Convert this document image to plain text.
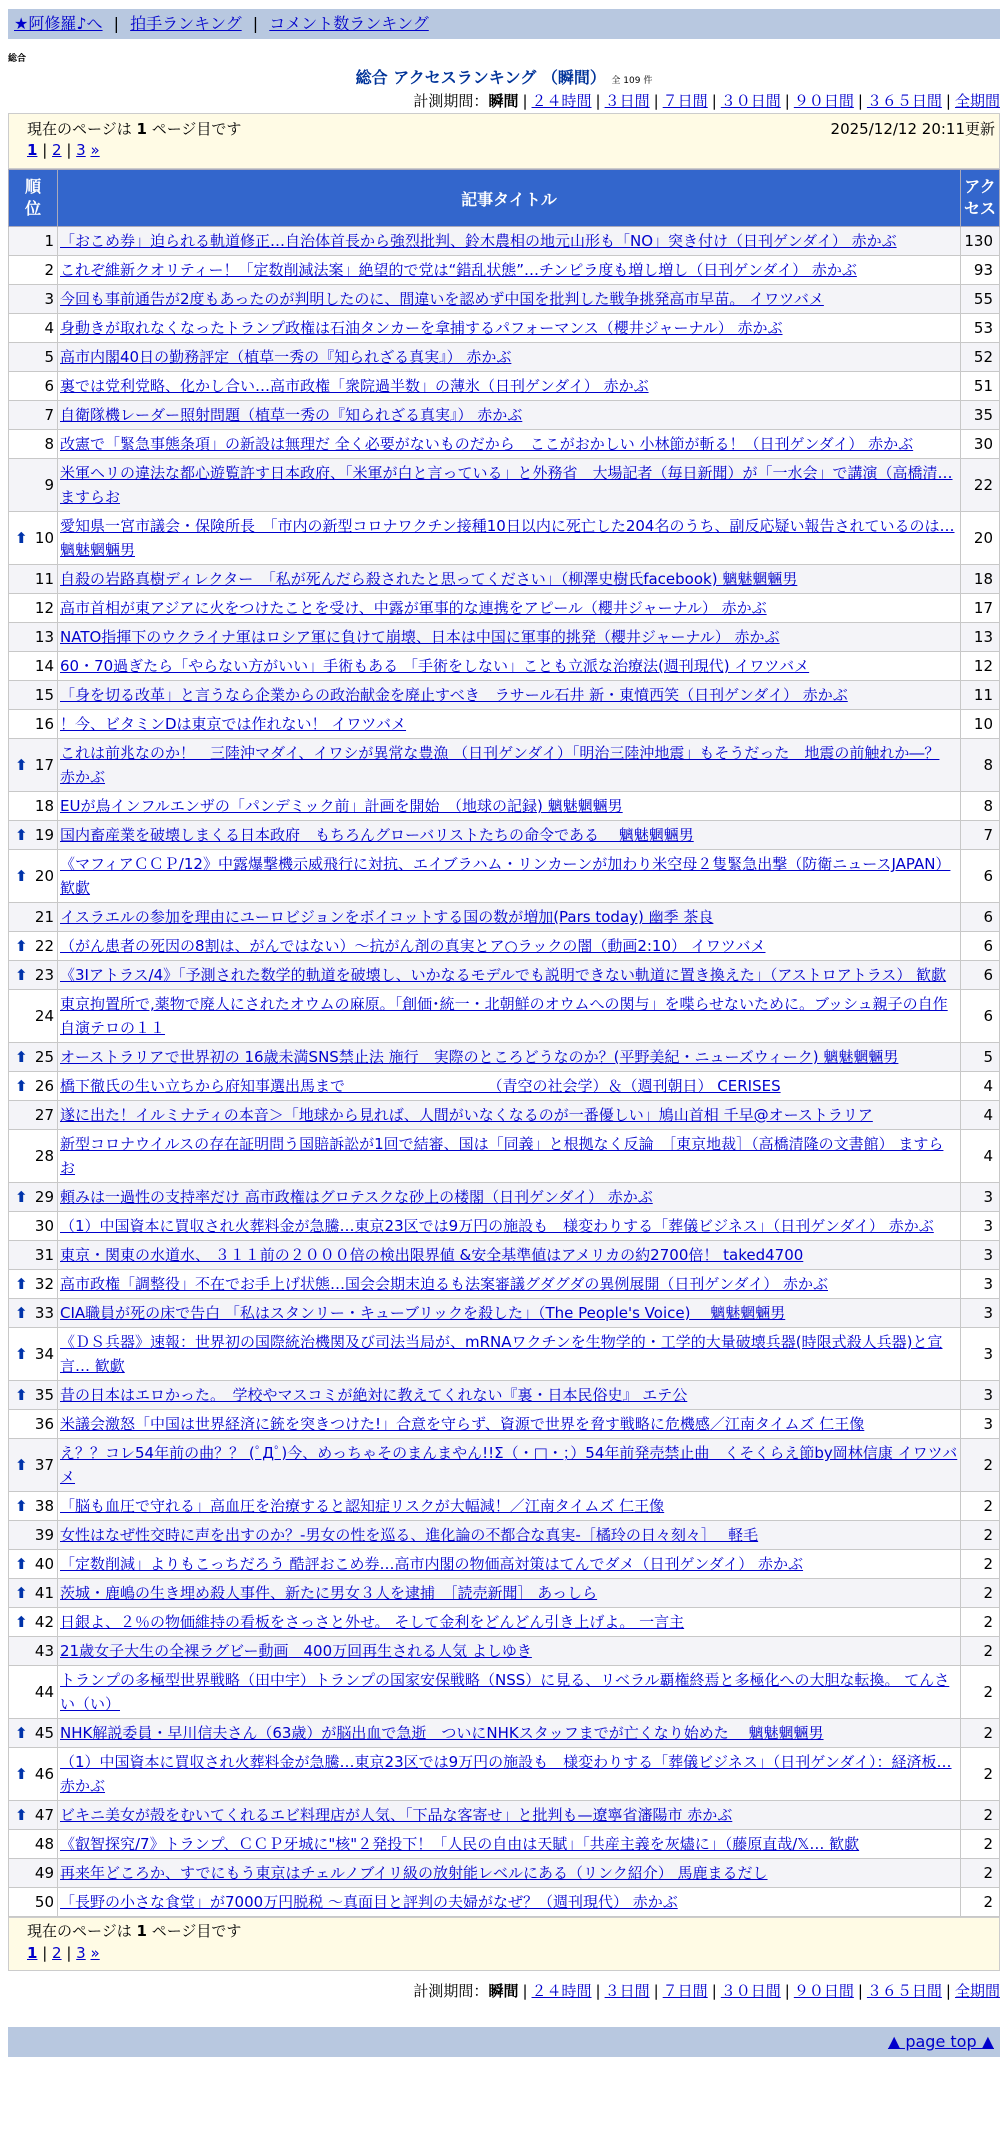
★阿修羅♪へ | 拍手ランキング | コメント数ランキング
総合
総合 アクセスランキング （瞬間） 全 109 件
計測期間：瞬間 | ２４時間 | ３日間 | ７日間 | ３０日間 | ９０日間 | ３６５日間 | 全期間
現在のページは 1 ページ目です	2025/12/12 20:11更新
1 | 2 | 3 »
順
位	記事タイトル	アク
セス
1	「おこめ券」迫られる軌道修正…自治体首長から強烈批判、鈴木農相の地元山形も「NO」突き付け（日刊ゲンダイ） 赤かぶ	130
2	これぞ維新クオリティー！「定数削減法案」絶望的で党は“錯乱状態”…チンピラ度も増し増し（日刊ゲンダイ） 赤かぶ	93
3	今回も事前通告が2度もあったのが判明したのに、間違いを認めず中国を批判した戦争挑発高市早苗。 イワツバメ	55
4	身動きが取れなくなったトランプ政権は石油タンカーを拿捕するパフォーマンス（櫻井ジャーナル） 赤かぶ	53
5	高市内閣40日の勤務評定（植草一秀の『知られざる真実』） 赤かぶ	52
6	裏では党利党略、化かし合い…高市政権「衆院過半数」の薄氷（日刊ゲンダイ） 赤かぶ	51
7	自衛隊機レーダー照射問題（植草一秀の『知られざる真実』） 赤かぶ	35
8	改憲で「緊急事態条項」の新設は無理だ 全く必要がないものだから　ここがおかしい 小林節が斬る！（日刊ゲンダイ） 赤かぶ	30
9	米軍ヘリの違法な都心遊覧許す日本政府、「米軍が白と言っている」と外務省　大場記者（毎日新聞）が「一水会」で講演（高橋清… ますらお	22

⬆ 10	愛知県一宮市議会・保険所長　「市内の新型コロナワクチン接種10日以内に死亡した204名のうち、副反応疑い報告されているのは… 魑魅魍魎男	20
11	自殺の岩路真樹ディレクター　「私が死んだら殺されたと思ってください」（柳澤史樹氏facebook) 魑魅魍魎男	18
12	高市首相が東アジアに火をつけたことを受け、中露が軍事的な連携をアピール（櫻井ジャーナル） 赤かぶ	17
13	NATO指揮下のウクライナ軍はロシア軍に負けて崩壊、日本は中国に軍事的挑発（櫻井ジャーナル） 赤かぶ	13
14	60・70過ぎたら「やらない方がいい」手術もある 「手術をしない」ことも立派な治療法(週刊現代) イワツバメ	12
15	「身を切る改革」と言うなら企業からの政治献金を廃止すべき　ラサール石井 新・東憤西笑（日刊ゲンダイ） 赤かぶ	11
16	！今、ビタミンDは東京では作れない！ イワツバメ	10

⬆ 17	これは前兆なのか！　三陸沖マダイ、イワシが異常な豊漁 （日刊ゲンダイ）「明治三陸沖地震」もそうだった　地震の前触れか―？ 赤かぶ	8
18	EUが鳥インフルエンザの「パンデミック前」計画を開始　（地球の記録) 魑魅魍魎男	8

⬆ 19	国内畜産業を破壊しまくる日本政府　もちろんグローバリストたちの命令である　 魑魅魍魎男	7

⬆ 20	《マフィアＣＣＰ/12》中露爆撃機示威飛行に対抗、エイブラハム・リンカーンが加わり米空母２隻緊急出撃（防衛ニュースJAPAN） 歓歔	6
21	イスラエルの参加を理由にユーロビジョンをボイコットする国の数が増加(Pars today) 幽季 茶良	6

⬆ 22	（がん患者の死因の8割は、がんではない）～抗がん剤の真実とア○ラックの闇（動画2:10） イワツバメ	6

⬆ 23	《3Iアトラス/4》「予測された数学的軌道を破壊し、いかなるモデルでも説明できない軌道に置き換えた」（アストロアトラス） 歓歔	6
24	東京拘置所で,薬物で廃人にされたオウムの麻原。「創価･統一・北朝鮮のオウムへの関与」を喋らせないために。ブッシュ親子の自作自演テロの１１	6

⬆ 25	オーストラリアで世界初の 16歳未満SNS禁止法 施行　実際のところどうなのか？(平野美紀・ニューズウィーク) 魑魅魍魎男	5

⬆ 26	橋下徹氏の生い立ちから府知事選出馬まで　　　　　　　　　　（青空の社会学）＆（週刊朝日） CERISES	4
27	遂に出た！イルミナティの本音＞「地球から見れば、人間がいなくなるのが一番優しい」鳩山首相 千早@オーストラリア	4
28	新型コロナウイルスの存在証明問う国賠訴訟が1回で結審、国は「同義」と根拠なく反論　［東京地裁］（高橋清隆の文書館） ますらお	4

⬆ 29	頼みは一過性の支持率だけ 高市政権はグロテスクな砂上の楼閣（日刊ゲンダイ） 赤かぶ	3
30	（1）中国資本に買収され火葬料金が急騰…東京23区では9万円の施設も　様変わりする「葬儀ビジネス」（日刊ゲンダイ） 赤かぶ	3
31	東京・関東の水道水、 ３１１前の２０００倍の検出限界値 &安全基準値はアメリカの約2700倍！ taked4700	3

⬆ 32	高市政権「調整役」不在でお手上げ状態…国会会期末迫るも法案審議グダグダの異例展開（日刊ゲンダイ） 赤かぶ	3

⬆ 33	CIA職員が死の床で告白 「私はスタンリー・キューブリックを殺した」（The People's Voice)　 魑魅魍魎男	3

⬆ 34	《ＤＳ兵器》速報：世界初の国際統治機関及び司法当局が、mRNAワクチンを生物学的・工学的大量破壊兵器(時限式殺人兵器)と宣言… 歓歔	3

⬆ 35	昔の日本はエロかった。　学校やマスコミが絶対に教えてくれない『裏・日本民俗史』 エテ公	3
36	米議会激怒「中国は世界経済に銃を突きつけた!」合意を守らず、資源で世界を脅す戦略に危機感／江南タイムズ 仁王像	3

⬆ 37	え？？コレ54年前の曲？？ (ﾟДﾟ)今、めっちゃそのまんまやん!!Σ（・□・；）54年前発売禁止曲　くそくらえ節by岡林信康 イワツバメ	2

⬆ 38	「脳も血圧で守れる」高血圧を治療すると認知症リスクが大幅減！／江南タイムズ 仁王像	2
39	女性はなぜ性交時に声を出すのか？-男女の性を巡る、進化論の不都合な真実-［橘玲の日々刻々］　 軽毛	2

⬆ 40	「定数削減」よりもこっちだろう 酷評おこめ券…高市内閣の物価高対策はてんでダメ（日刊ゲンダイ） 赤かぶ	2

⬆ 41	茨城・鹿嶋の生き埋め殺人事件、新たに男女３人を逮捕　［読売新聞］ あっしら	2

⬆ 42	日銀よ、２％の物価維持の看板をさっさと外せ。 そして金利をどんどん引き上げよ。 一言主	2
43	21歳女子大生の全裸ラグビー動画　400万回再生される人気 よしゆき	2
44	トランプの多極型世界戦略（田中宇）トランプの国家安保戦略（NSS）に見る、リベラル覇権終焉と多極化への大胆な転換。 てんさい（い）	2

⬆ 45	NHK解説委員・早川信夫さん（63歳）が脳出血で急逝　ついにNHKスタッフまでが亡くなり始めた　 魑魅魍魎男	2

⬆ 46	（1）中国資本に買収され火葬料金が急騰…東京23区では9万円の施設も　様変わりする「葬儀ビジネス」（日刊ゲンダイ）：経済板… 赤かぶ	2

⬆ 47	ビキニ美女が殻をむいてくれるエビ料理店が人気、「下品な客寄せ」と批判も—遼寧省瀋陽市 赤かぶ	2
48	《叡智探究/7》トランプ、ＣＣＰ牙城に"核"２発投下！「人民の自由は天賦」「共産主義を灰燼に」（藤原直哉/𝕏… 歓歔	2
49	再来年どころか、すでにもう東京はチェルノブイリ級の放射能レベルにある（リンク紹介） 馬鹿まるだし	2
50	「長野の小さな食堂」が7000万円脱税 〜真面目と評判の夫婦がなぜ？（週刊現代） 赤かぶ	2
現在のページは 1 ページ目です
1 | 2 | 3 »
計測期間：瞬間 | ２４時間 | ３日間 | ７日間 | ３０日間 | ９０日間 | ３６５日間 | 全期間
▲ page top ▲
